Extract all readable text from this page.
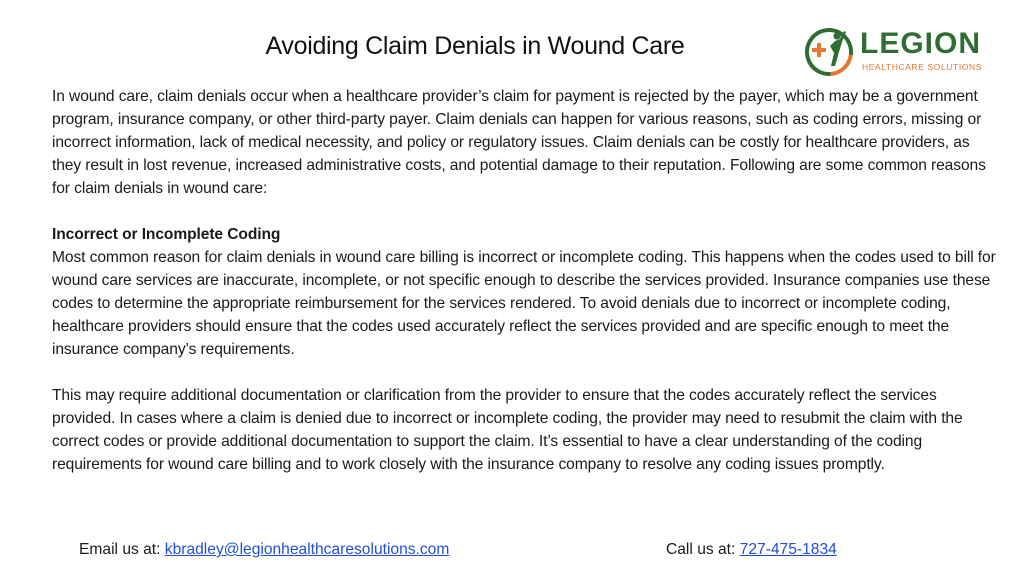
Avoiding Claim Denials in Wound Care	LEGION
HEALTHCARE SOLUTIONS

In wound care, claim denials occur when a healthcare provider’s claim for payment is rejected by the payer, which may be a government program, insurance company, or other third-party payer. Claim denials can happen for various reasons, such as coding errors, missing or incorrect information, lack of medical necessity, and policy or regulatory issues. Claim denials can be costly for healthcare providers, as they result in lost revenue, increased administrative costs, and potential damage to their reputation. Following are some common reasons for claim denials in wound care:

Incorrect or Incomplete Coding

Most common reason for claim denials in wound care billing is incorrect or incomplete coding. This happens when the codes used to bill for wound care services are inaccurate, incomplete, or not specific enough to describe the services provided. Insurance companies use these codes to determine the appropriate reimbursement for the services rendered. To avoid denials due to incorrect or incomplete coding, healthcare providers should ensure that the codes used accurately reflect the services provided and are specific enough to meet the insurance company’s requirements.

This may require additional documentation or clarification from the provider to ensure that the codes accurately reflect the services provided. In cases where a claim is denied due to incorrect or incomplete coding, the provider may need to resubmit the claim with the correct codes or provide additional documentation to support the claim. It’s essential to have a clear understanding of the coding requirements for wound care billing and to work closely with the insurance company to resolve any coding issues promptly.

Email us at: kbradley@legionhealthcaresolutions.com	Call us at: 727-475-1834
